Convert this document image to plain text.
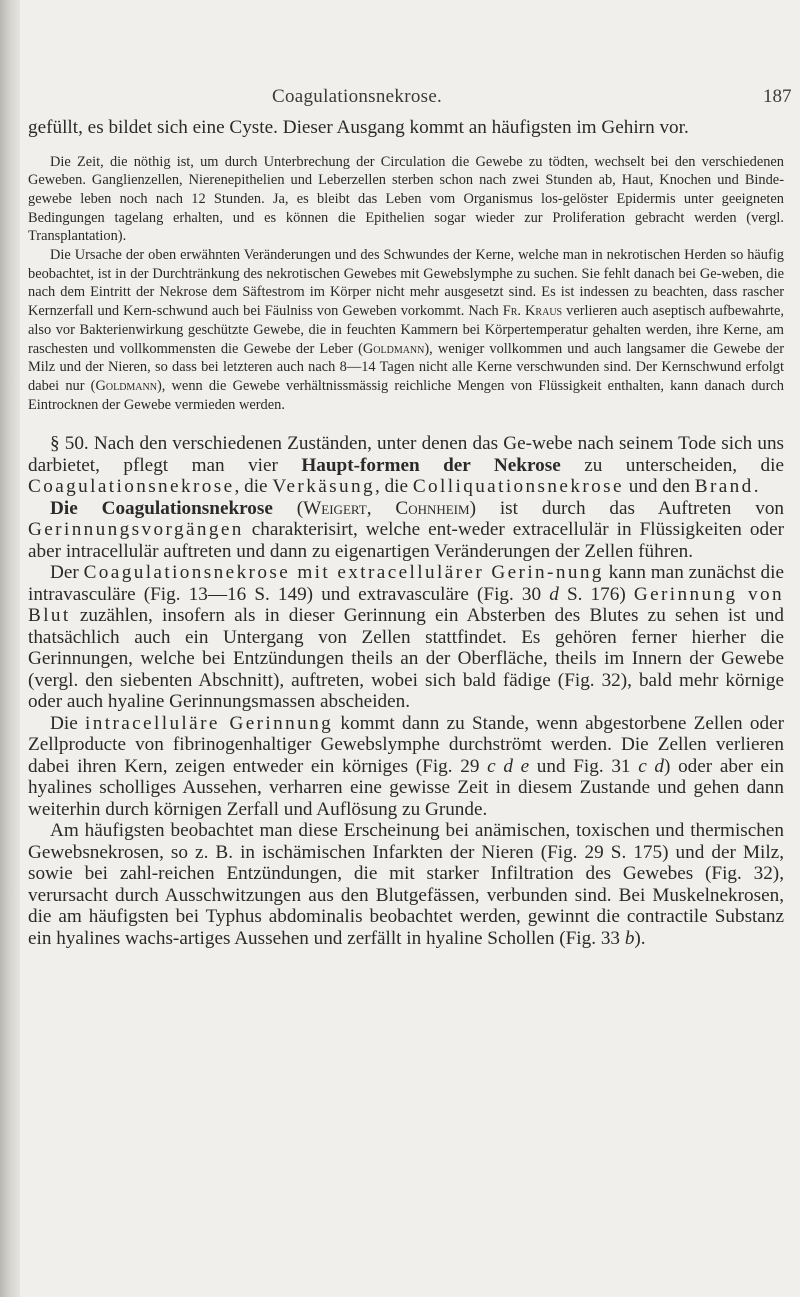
Coagulationsnekrose.	187

gefüllt, es bildet sich eine Cyste. Dieser Ausgang kommt an häufigsten im Gehirn vor.

Die Zeit, die nöthig ist, um durch Unterbrechung der Circulation die Gewebe zu tödten, wechselt bei den verschiedenen Geweben. Ganglienzellen, Nierenepithelien und Leberzellen sterben schon nach zwei Stunden ab, Haut, Knochen und Binde-gewebe leben noch nach 12 Stunden. Ja, es bleibt das Leben vom Organismus los-gelöster Epidermis unter geeigneten Bedingungen tagelang erhalten, und es können die Epithelien sogar wieder zur Proliferation gebracht werden (vergl. Transplantation).

Die Ursache der oben erwähnten Veränderungen und des Schwundes der Kerne, welche man in nekrotischen Herden so häufig beobachtet, ist in der Durchtränkung des nekrotischen Gewebes mit Gewebslymphe zu suchen. Sie fehlt danach bei Ge-weben, die nach dem Eintritt der Nekrose dem Säftestrom im Körper nicht mehr ausgesetzt sind. Es ist indessen zu beachten, dass rascher Kernzerfall und Kern-schwund auch bei Fäulniss von Geweben vorkommt. Nach Fr. Kraus verlieren auch aseptisch aufbewahrte, also vor Bakterienwirkung geschützte Gewebe, die in feuchten Kammern bei Körpertemperatur gehalten werden, ihre Kerne, am raschesten und vollkommensten die Gewebe der Leber (Goldmann), weniger vollkommen und auch langsamer die Gewebe der Milz und der Nieren, so dass bei letzteren auch nach 8—14 Tagen nicht alle Kerne verschwunden sind. Der Kernschwund erfolgt dabei nur (Goldmann), wenn die Gewebe verhältnissmässig reichliche Mengen von Flüssigkeit enthalten, kann danach durch Eintrocknen der Gewebe vermieden werden.

§ 50. Nach den verschiedenen Zuständen, unter denen das Ge-webe nach seinem Tode sich uns darbietet, pflegt man vier Haupt-formen der Nekrose zu unterscheiden, die Coagulationsnekrose, die Verkäsung, die Colliquationsnekrose und den Brand.

Die Coagulationsnekrose (Weigert, Cohnheim) ist durch das Auftreten von Gerinnungsvorgängen charakterisirt, welche ent-weder extracellulär in Flüssigkeiten oder aber intracellulär auftreten und dann zu eigenartigen Veränderungen der Zellen führen.

Der Coagulationsnekrose mit extracellulärer Gerin-nung kann man zunächst die intravasculäre (Fig. 13—16 S. 149) und extravasculäre (Fig. 30 d S. 176) Gerinnung von Blut zuzählen, insofern als in dieser Gerinnung ein Absterben des Blutes zu sehen ist und thatsächlich auch ein Untergang von Zellen stattfindet. Es gehören ferner hierher die Gerinnungen, welche bei Entzündungen theils an der Oberfläche, theils im Innern der Gewebe (vergl. den siebenten Abschnitt), auftreten, wobei sich bald fädige (Fig. 32), bald mehr körnige oder auch hyaline Gerinnungsmassen abscheiden.

Die intracelluläre Gerinnung kommt dann zu Stande, wenn abgestorbene Zellen oder Zellproducte von fibrinogenhaltiger Gewebslymphe durchströmt werden. Die Zellen verlieren dabei ihren Kern, zeigen entweder ein körniges (Fig. 29 c d e und Fig. 31 c d) oder aber ein hyalines scholliges Aussehen, verharren eine gewisse Zeit in diesem Zustande und gehen dann weiterhin durch körnigen Zerfall und Auflösung zu Grunde.

Am häufigsten beobachtet man diese Erscheinung bei anämischen, toxischen und thermischen Gewebsnekrosen, so z. B. in ischämischen Infarkten der Nieren (Fig. 29 S. 175) und der Milz, sowie bei zahl-reichen Entzündungen, die mit starker Infiltration des Gewebes (Fig. 32), verursacht durch Ausschwitzungen aus den Blutgefässen, verbunden sind. Bei Muskelnekrosen, die am häufigsten bei Typhus abdominalis beobachtet werden, gewinnt die contractile Substanz ein hyalines wachs-artiges Aussehen und zerfällt in hyaline Schollen (Fig. 33 b).
